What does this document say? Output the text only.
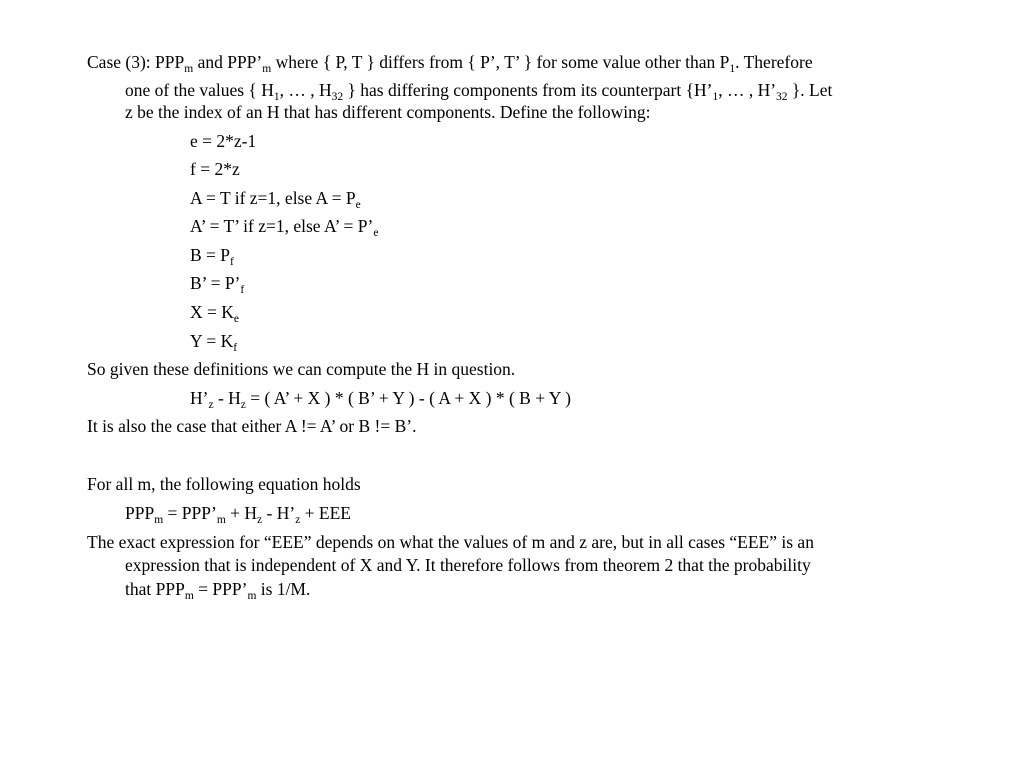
Case (3): $PPP_m$ and $PPP’_m$ where { P, T } differs from { P’, T’ } for some value other than $P_1$. Therefore
one of the values { $H_1$, … , $H_{32}$ } has differing components from its counterpart {$H’_1$, … , $H’_{32}$ }. Let
z be the index of an H that has different components. Define the following:
e = 2*z-1
f = 2*z
A = T if z=1, else $A = P_e$
A’ = T’ if z=1, else A’ = $P’_e$
$B = P_f$
B’ = $P’_f$
$X = K_e$
$Y = K_f$
So given these definitions we can compute the H in question.
$H’_z - H_z$ = ( A’ + X ) * ( B’ + Y ) - ( A + X ) * ( B + Y )
It is also the case that either A != A’ or B != B’.
For all m, the following equation holds
$PPP_m$ = $PPP’_m + H_z$ - $H’_z$ + EEE
The exact expression for “EEE” depends on what the values of m and z are, but in all cases “EEE” is an
expression that is independent of X and Y. It therefore follows from theorem 2 that the probability
that $PPP_m$ = $PPP’_m$ is 1/M.
